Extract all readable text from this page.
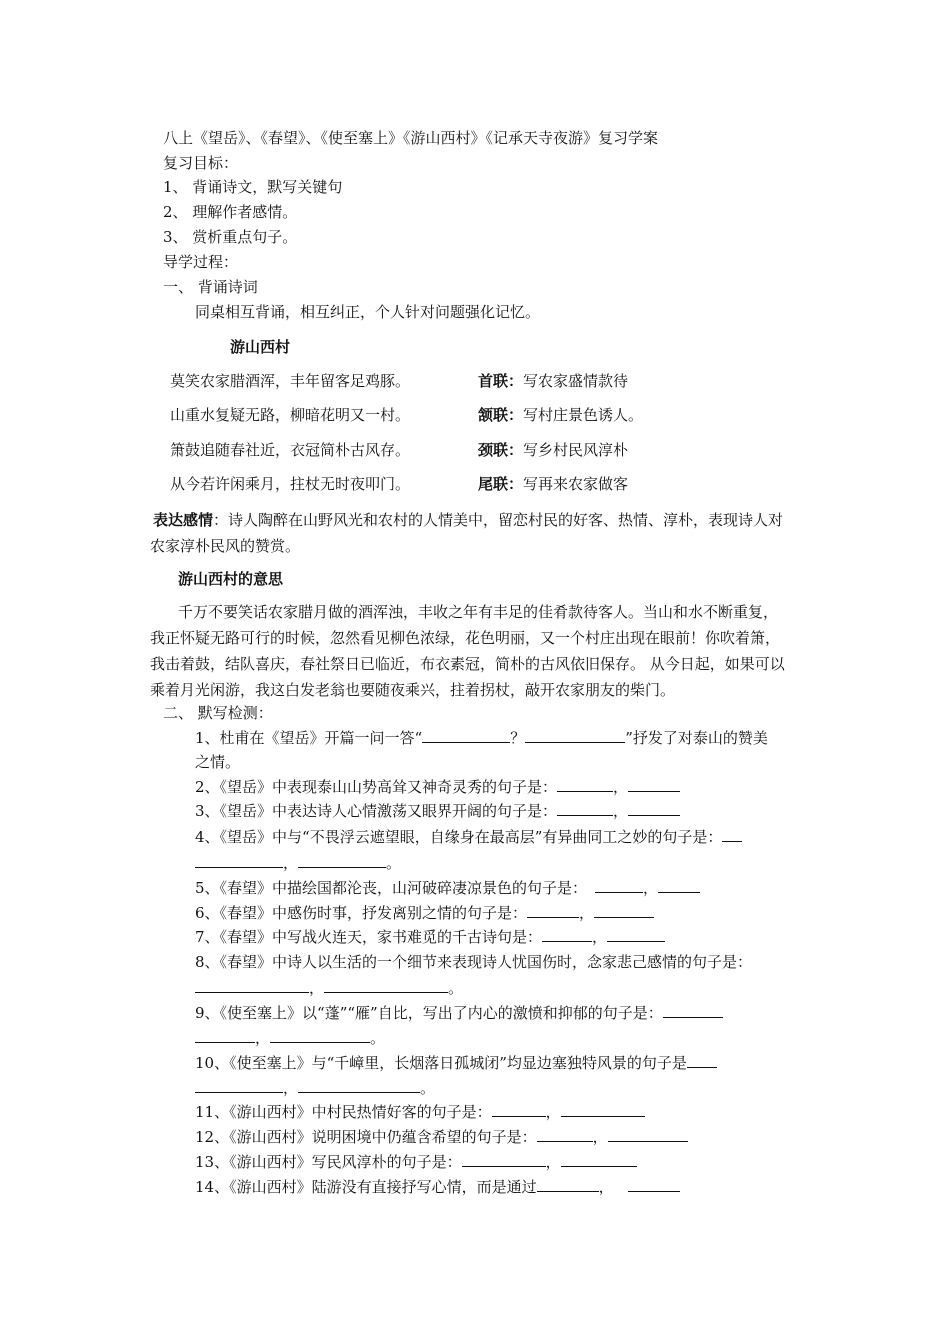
八上《望岳》、《春望》、《使至塞上》《游山西村》《记承天寺夜游》复习学案
复习目标：
1、 背诵诗文，默写关键句
2、 理解作者感情。
3、 赏析重点句子。
导学过程：
一、 背诵诗词
同桌相互背诵，相互纠正，个人针对问题强化记忆。
游山西村
莫笑农家腊酒浑，丰年留客足鸡豚。	首联：写农家盛情款待
山重水复疑无路，柳暗花明又一村。	颔联：写村庄景色诱人。
箫鼓追随春社近，衣冠简朴古风存。	颈联：写乡村民风淳朴
从今若许闲乘月，拄杖无时夜叩门。	尾联：写再来农家做客
表达感情：诗人陶醉在山野风光和农村的人情美中，留恋村民的好客、热情、淳朴，表现诗人对农家淳朴民风的赞赏。
游山西村的意思
千万不要笑话农家腊月做的酒浑浊，丰收之年有丰足的佳肴款待客人。当山和水不断重复，我正怀疑无路可行的时候，忽然看见柳色浓绿，花色明丽，又一个村庄出现在眼前！你吹着箫，我击着鼓，结队喜庆，春社祭日已临近，布衣素冠，简朴的古风依旧保存。 从今日起，如果可以乘着月光闲游，我这白发老翁也要随夜乘兴，拄着拐杖，敲开农家朋友的柴门。
二、 默写检测：
1、杜甫在《望岳》开篇一问一答“	？	”抒发了对泰山的赞美
之情。
2、《望岳》中表现泰山山势高耸又神奇灵秀的句子是：	，
3、《望岳》中表达诗人心情激荡又眼界开阔的句子是：	，
4、《望岳》中与“不畏浮云遮望眼，自缘身在最高层”有异曲同工之妙的句子是：
，	。
5、《春望》中描绘国都沦丧，山河破碎凄凉景色的句子是：	，
6、《春望》中感伤时事，抒发离别之情的句子是：	，
7、《春望》中写战火连天，家书难觅的千古诗句是：	，
8、《春望》中诗人以生活的一个细节来表现诗人忧国伤时，念家悲己感情的句子是：
，	。
9、《使至塞上》以“蓬”“雁”自比，写出了内心的激愤和抑郁的句子是：
，	。
10、《使至塞上》与“千嶂里，长烟落日孤城闭”均显边塞独特风景的句子是
，	。
11、《游山西村》中村民热情好客的句子是：	，
12、《游山西村》说明困境中仍蕴含希望的句子是：	，
13、《游山西村》写民风淳朴的句子是：	，
14、《游山西村》陆游没有直接抒写心情，而是通过	，
